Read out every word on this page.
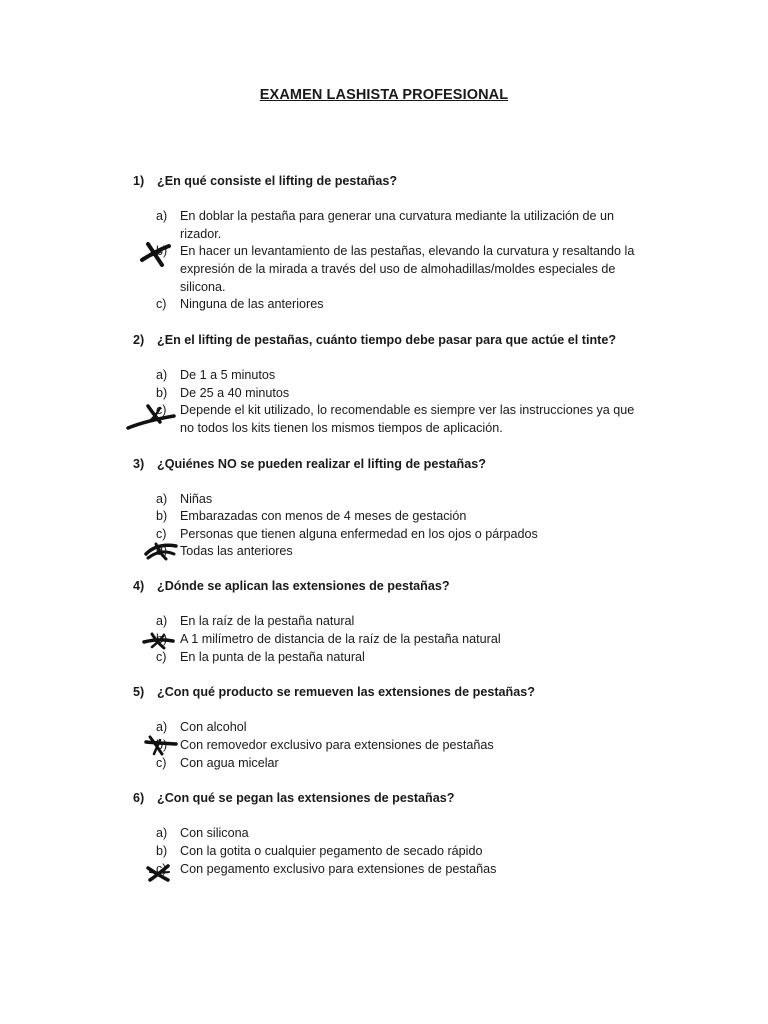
EXAMEN LASHISTA PROFESIONAL
1) ¿En qué consiste el lifting de pestañas?
a) En doblar la pestaña para generar una curvatura mediante la utilización de un rizador.
b) En hacer un levantamiento de las pestañas, elevando la curvatura y resaltando la expresión de la mirada a través del uso de almohadillas/moldes especiales de silicona.
c) Ninguna de las anteriores
2) ¿En el lifting de pestañas, cuánto tiempo debe pasar para que actúe el tinte?
a) De 1 a 5 minutos
b) De 25 a 40 minutos
c) Depende el kit utilizado, lo recomendable es siempre ver las instrucciones ya que no todos los kits tienen los mismos tiempos de aplicación.
3) ¿Quiénes NO se pueden realizar el lifting de pestañas?
a) Niñas
b) Embarazadas con menos de 4 meses de gestación
c) Personas que tienen alguna enfermedad en los ojos o párpados
d) Todas las anteriores
4) ¿Dónde se aplican las extensiones de pestañas?
a) En la raíz de la pestaña natural
b) A 1 milímetro de distancia de la raíz de la pestaña natural
c) En la punta de la pestaña natural
5) ¿Con qué producto se remueven las extensiones de pestañas?
a) Con alcohol
b) Con removedor exclusivo para extensiones de pestañas
c) Con agua micelar
6) ¿Con qué se pegan las extensiones de pestañas?
a) Con silicona
b) Con la gotita o cualquier pegamento de secado rápido
c) Con pegamento exclusivo para extensiones de pestañas
